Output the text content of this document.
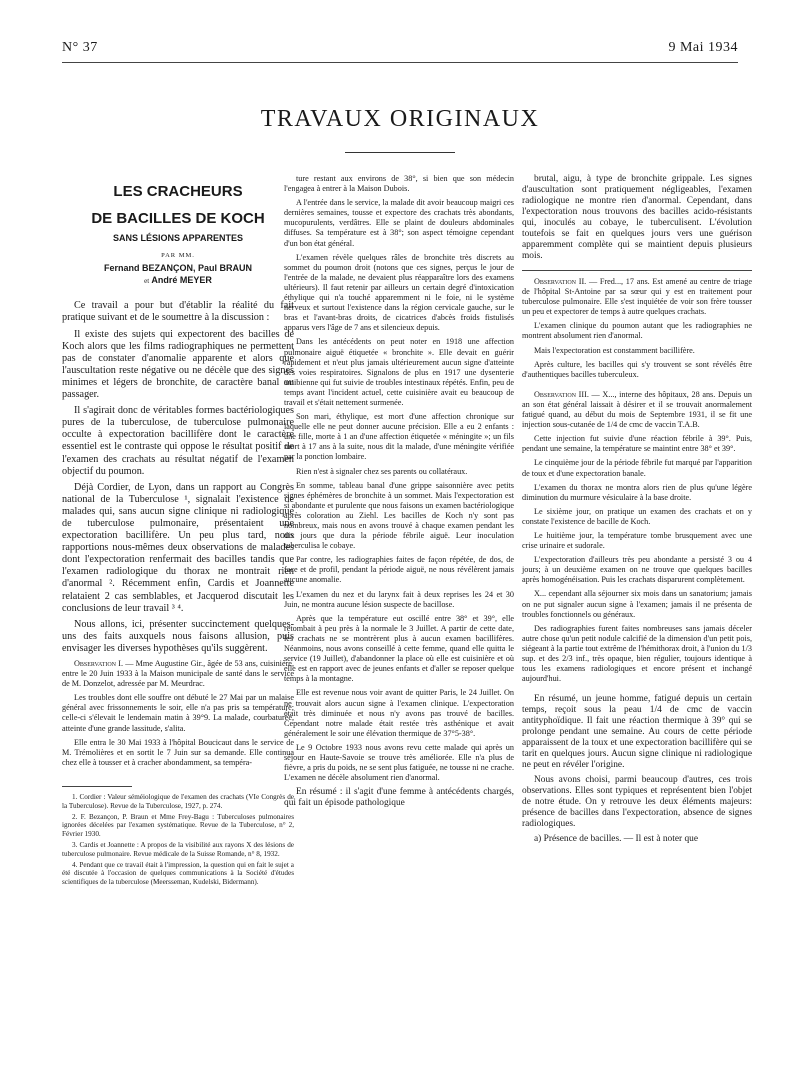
N° 37	9 Mai 1934
TRAVAUX ORIGINAUX
LES CRACHEURS
DE BACILLES DE KOCH
SANS LÉSIONS APPARENTES
PAR MM.
Fernand BEZANÇON, Paul BRAUN
et André MEYER

Ce travail a pour but d'établir la réalité du fait pratique suivant et de le soumettre à la discussion :

Il existe des sujets qui expectorent des bacilles de Koch alors que les films radiographiques ne permettent pas de constater d'anomalie apparente et alors que l'auscultation reste négative ou ne décèle que des signes minimes et légers de bronchite, de caractère banal ou passager.

Il s'agirait donc de véritables formes bactériologiques pures de la tuberculose, de tuberculose pulmonaire occulte à expectoration bacillifère dont le caractère essentiel est le contraste qui oppose le résultat positif de l'examen des crachats au résultat négatif de l'examen objectif du poumon.

Déjà Cordier, de Lyon, dans un rapport au Congrès national de la Tuberculose ¹, signalait l'existence de malades qui, sans aucun signe clinique ni radiologique de tuberculose pulmonaire, présentaient une expectoration bacillifère. Un peu plus tard, nous rapportions nous-mêmes deux observations de malades dont l'expectoration renfermait des bacilles tandis que l'examen radiologique du thorax ne montrait rien d'anormal ². Récemment enfin, Cardis et Joannette relataient 2 cas semblables, et Jacquerod discutait les conclusions de leur travail ³ ⁴.

Nous allons, ici, présenter succinctement quelques-uns des faits auxquels nous faisons allusion, puis envisager les diverses hypothèses qu'ils suggèrent.

Observation I. — Mme Augustine Gir., âgée de 53 ans, cuisinière, entre le 20 Juin 1933 à la Maison municipale de santé dans le service de M. Donzelot, adressée par M. Meurdrac.

Les troubles dont elle souffre ont débuté le 27 Mai par un malaise général avec frissonnements le soir, elle n'a pas pris sa température; celle-ci s'élevait le lendemain matin à 39°9. La malade, courbaturée, atteinte d'une grande lassitude, s'alita.

Elle entra le 30 Mai 1933 à l'hôpital Boucicaut dans le service de M. Trémolières et en sortit le 7 Juin sur sa demande. Elle continua chez elle à tousser et à cracher abondamment, sa tempéra-

1. Cordier : Valeur séméiologique de l'examen des crachats (VIe Congrès de la Tuberculose). Revue de la Tuberculose, 1927, p. 274.

2. F. Bezançon, P. Braun et Mme Frey-Bagu : Tuberculoses pulmonaires ignorées décelées par l'examen systématique. Revue de la Tuberculose, n° 2, Février 1930.

3. Cardis et Joannette : A propos de la visibilité aux rayons X des lésions de tuberculose pulmonaire. Revue médicale de la Suisse Romande, n° 8, 1932.

4. Pendant que ce travail était à l'impression, la question qui en fait le sujet a été discutée à l'occasion de quelques communications à la Société d'études scientifiques de la tuberculose (Meersseman, Kudelski, Bidermann).

ture restant aux environs de 38°, si bien que son médecin l'engagea à entrer à la Maison Dubois.

A l'entrée dans le service, la malade dit avoir beaucoup maigri ces dernières semaines, tousse et expectore des crachats très abondants, mucopurulents, verdâtres. Elle se plaint de douleurs abdominales diffuses. Sa température est à 38°; son aspect témoigne cependant d'un bon état général.

L'examen révèle quelques râles de bronchite très discrets au sommet du poumon droit (notons que ces signes, perçus le jour de l'entrée de la malade, ne devaient plus réapparaître lors des examens ultérieurs). Il faut retenir par ailleurs un certain degré d'intoxication éthylique qui n'a touché apparemment ni le foie, ni le système nerveux et surtout l'existence dans la région cervicale gauche, sur le bras et l'avant-bras droits, de cicatrices d'abcès froids fistulisés apparus vers l'âge de 7 ans et silencieux depuis.

Dans les antécédents on peut noter en 1918 une affection pulmonaire aiguë étiquetée « bronchite ». Elle devait en guérir rapidement et n'eut plus jamais ultérieurement aucun signe d'atteinte des voies respiratoires. Signalons de plus en 1917 une dysenterie amibienne qui fut suivie de troubles intestinaux répétés. Enfin, peu de temps avant l'incident actuel, cette cuisinière avait eu beaucoup de travail et s'était nettement surmenée.

Son mari, éthylique, est mort d'une affection chronique sur laquelle elle ne peut donner aucune précision. Elle a eu 2 enfants : une fille, morte à 1 an d'une affection étiquetée « méningite »; un fils mort à 17 ans à la suite, nous dit la malade, d'une méningite vérifiée par la ponction lombaire.

Rien n'est à signaler chez ses parents ou collatéraux.

En somme, tableau banal d'une grippe saisonnière avec petits signes éphémères de bronchite à un sommet. Mais l'expectoration est si abondante et purulente que nous faisons un examen bactériologique après coloration au Ziehl. Les bacilles de Koch n'y sont pas nombreux, mais nous en avons trouvé à chaque examen pendant les dix jours que dura la période fébrile aiguë. Leur inoculation tuberculisa le cobaye.

Par contre, les radiographies faites de façon répétée, de dos, de face et de profil, pendant la période aiguë, ne nous révélèrent jamais aucune anomalie.

L'examen du nez et du larynx fait à deux reprises les 24 et 30 Juin, ne montra aucune lésion suspecte de bacillose.

Après que la température eut oscillé entre 38° et 39°, elle retombait à peu près à la normale le 3 Juillet. A partir de cette date, les crachats ne se montrèrent plus à aucun examen bacillifères. Néanmoins, nous avons conseillé à cette femme, quand elle quitta le service (19 Juillet), d'abandonner la place où elle est cuisinière et où elle est en rapport avec de jeunes enfants et d'aller se reposer quelque temps à la montagne.

Elle est revenue nous voir avant de quitter Paris, le 24 Juillet. On ne trouvait alors aucun signe à l'examen clinique. L'expectoration était très diminuée et nous n'y avons pas trouvé de bacilles. Cependant notre malade était restée très asthénique et avait généralement le soir une élévation thermique de 37°5-38°.

Le 9 Octobre 1933 nous avons revu cette malade qui après un séjour en Haute-Savoie se trouve très améliorée. Elle n'a plus de fièvre, a pris du poids, ne se sent plus fatiguée, ne tousse ni ne crache. L'examen ne décèle absolument rien d'anormal.

En résumé : il s'agit d'une femme à antécédents chargés, qui fait un épisode pathologique

brutal, aigu, à type de bronchite grippale. Les signes d'auscultation sont pratiquement négligeables, l'examen radiologique ne montre rien d'anormal. Cependant, dans l'expectoration nous trouvons des bacilles acido-résistants qui, inoculés au cobaye, le tuberculisent. L'évolution toutefois se fait en quelques jours vers une guérison apparemment complète qui se maintient depuis plusieurs mois.

Observation II. — Fred..., 17 ans. Est amené au centre de triage de l'hôpital St-Antoine par sa sœur qui y est en traitement pour tuberculose pulmonaire. Elle s'est inquiétée de voir son frère tousser un peu et expectorer de temps à autre quelques crachats.

L'examen clinique du poumon autant que les radiographies ne montrent absolument rien d'anormal.

Mais l'expectoration est constamment bacillifère.

Après culture, les bacilles qui s'y trouvent se sont révélés être d'authentiques bacilles tuberculeux.

Observation III. — X..., interne des hôpitaux, 28 ans. Depuis un an son état général laissait à désirer et il se trouvait anormalement fatigué quand, au début du mois de Septembre 1931, il se fit une injection sous-cutanée de 1/4 de cmc de vaccin T.A.B.

Cette injection fut suivie d'une réaction fébrile à 39°. Puis, pendant une semaine, la température se maintint entre 38° et 39°.

Le cinquième jour de la période fébrile fut marqué par l'apparition de toux et d'une expectoration banale.

L'examen du thorax ne montra alors rien de plus qu'une légère diminution du murmure vésiculaire à la base droite.

Le sixième jour, on pratique un examen des crachats et on y constate l'existence de bacille de Koch.

Le huitième jour, la température tombe brusquement avec une crise urinaire et sudorale.

L'expectoration d'ailleurs très peu abondante a persisté 3 ou 4 jours; à un deuxième examen on ne trouve que quelques bacilles après homogénéisation. Puis les crachats disparurent complètement.

X... cependant alla séjourner six mois dans un sanatorium; jamais on ne put signaler aucun signe à l'examen; jamais il ne présenta de troubles fonctionnels ou généraux.

Des radiographies furent faites nombreuses sans jamais déceler autre chose qu'un petit nodule calcifié de la dimension d'un petit pois, siégeant à la partie tout extrême de l'hémithorax droit, à l'union du 1/3 sup. et des 2/3 inf., très opaque, bien régulier, toujours identique à tous les examens radiologiques et encore présent et inchangé aujourd'hui.

En résumé, un jeune homme, fatigué depuis un certain temps, reçoit sous la peau 1/4 de cmc de vaccin antityphoïdique. Il fait une réaction thermique à 39° qui se prolonge pendant une semaine. Au cours de cette période apparaissent de la toux et une expectoration bacillifère qui se tarit en quelques jours. Aucun signe clinique ni radiologique ne peut en révéler l'origine.

Nous avons choisi, parmi beaucoup d'autres, ces trois observations. Elles sont typiques et représentent bien l'objet de notre étude. On y retrouve les deux éléments majeurs: présence de bacilles dans l'expectoration, absence de signes radiologiques.

a) Présence de bacilles. — Il est à noter que
